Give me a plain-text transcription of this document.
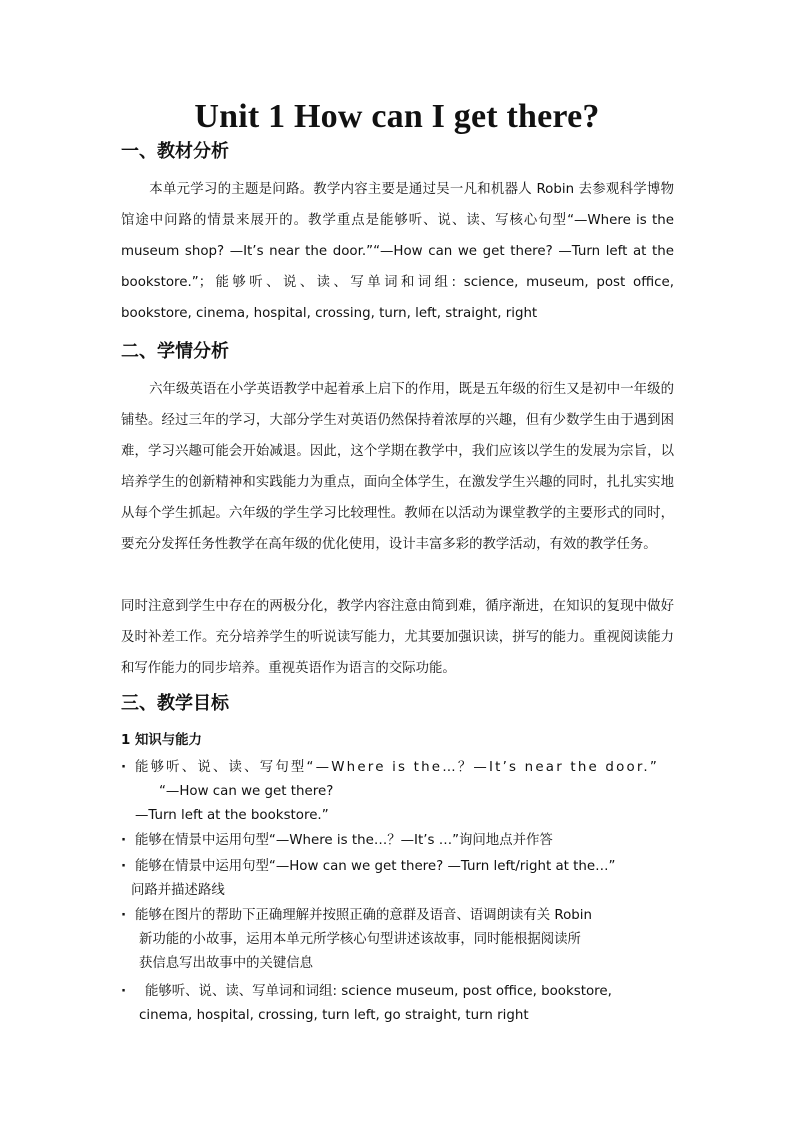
Unit 1 How can I get there?
一、教材分析
本单元学习的主题是问路。教学内容主要是通过吴一凡和机器人 Robin 去参观科学博物馆途中问路的情景来展开的。教学重点是能够听、说、读、写核心句型“—Where is the museum shop? —It’s near the door.”“—How can we get there? —Turn left at the bookstore.”；能够听、说、读、写单词和词组: science, museum, post office, bookstore, cinema, hospital, crossing, turn, left, straight, right
二、学情分析
六年级英语在小学英语教学中起着承上启下的作用，既是五年级的衍生又是初中一年级的铺垫。经过三年的学习，大部分学生对英语仍然保持着浓厚的兴趣，但有少数学生由于遇到困难，学习兴趣可能会开始减退。因此，这个学期在教学中，我们应该以学生的发展为宗旨，以培养学生的创新精神和实践能力为重点，面向全体学生，在激发学生兴趣的同时，扎扎实实地从每个学生抓起。六年级的学生学习比较理性。教师在以活动为课堂教学的主要形式的同时，要充分发挥任务性教学在高年级的优化使用，设计丰富多彩的教学活动，有效的教学任务。
同时注意到学生中存在的两极分化，教学内容注意由简到难，循序渐进，在知识的复现中做好及时补差工作。充分培养学生的听说读写能力，尤其要加强识读，拼写的能力。重视阅读能力和写作能力的同步培养。重视英语作为语言的交际功能。
三、教学目标
1 知识与能力
· 能够听、说、读、写句型“—Where is the…？—It’s near the door.”
“—How can we get there?
—Turn left at the bookstore.”
· 能够在情景中运用句型“—Where is the…？—It’s …”询问地点并作答
· 能够在情景中运用句型“—How can we get there? —Turn left/right at the…”
问路并描述路线
· 能够在图片的帮助下正确理解并按照正确的意群及语音、语调朗读有关 Robin
新功能的小故事，运用本单元所学核心句型讲述该故事，同时能根据阅读所
获信息写出故事中的关键信息
· 能够听、说、读、写单词和词组: science museum, post office, bookstore,
cinema, hospital, crossing, turn left, go straight, turn right
